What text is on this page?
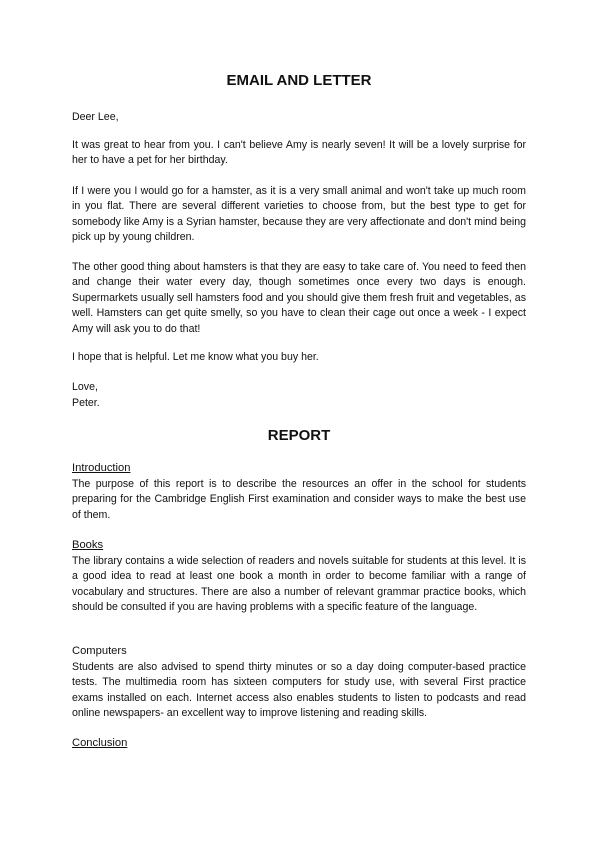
EMAIL AND LETTER

Deer Lee,

It was great to hear from you. I can't believe Amy is nearly seven! It will be a lovely surprise for her to have a pet for her birthday.

If I were you I would go for a hamster, as it is a very small animal and won't take up much room in you flat. There are several different varieties to choose from, but the best type to get for somebody like Amy is a Syrian hamster, because they are very affectionate and don't mind being pick up by young children.

The other good thing about hamsters is that they are easy to take care of. You need to feed then and change their water every day, though sometimes once every two days is enough. Supermarkets usually sell hamsters food and you should give them fresh fruit and vegetables, as well. Hamsters can get quite smelly, so you have to clean their cage out once a week - I expect Amy will ask you to do that!

I hope that is helpful. Let me know what you buy her.

Love,

Peter.

REPORT

Introduction

The purpose of this report is to describe the resources an offer in the school for students preparing for the Cambridge English First examination and consider ways to make the best use of them.

Books

The library contains a wide selection of readers and novels suitable for students at this level. It is a good idea to read at least one book a month in order to become familiar with a range of vocabulary and structures. There are also a number of relevant grammar practice books, which should be consulted if you are having problems with a specific feature of the language.

Computers

Students are also advised to spend thirty minutes or so a day doing computer-based practice tests. The multimedia room has sixteen computers for study use, with several First practice exams installed on each. Internet access also enables students to listen to podcasts and read online newspapers- an excellent way to improve listening and reading skills.

Conclusion
